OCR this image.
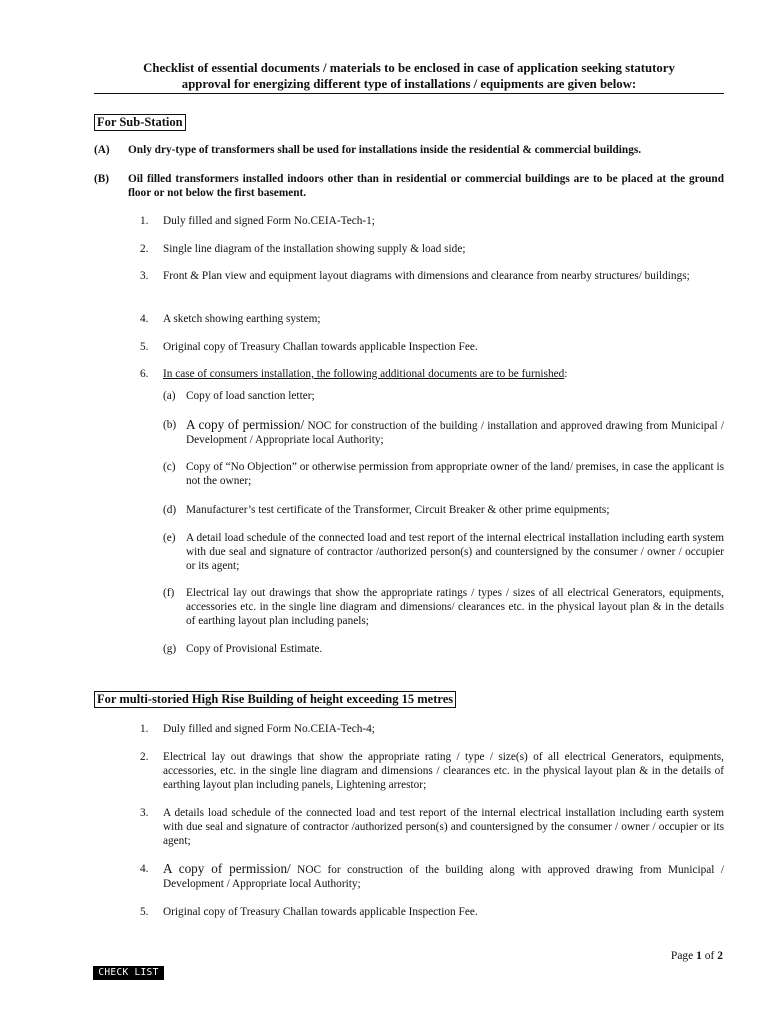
Checklist of essential documents / materials to be enclosed in case of application seeking statutory
approval for energizing different type of installations / equipments are given below:
For Sub-Station
(A) Only dry-type of transformers shall be used for installations inside the residential & commercial buildings.
(B) Oil filled transformers installed indoors other than in residential or commercial buildings are to be placed at the ground floor or not below the first basement.
1. Duly filled and signed Form No.CEIA-Tech-1;
2. Single line diagram of the installation showing supply & load side;
3. Front & Plan view and equipment layout diagrams with dimensions and clearance from nearby structures/ buildings;
4. A sketch showing earthing system;
5. Original copy of Treasury Challan towards applicable Inspection Fee.
6. In case of consumers installation, the following additional documents are to be furnished:
(a) Copy of load sanction letter;
(b) A copy of permission/ NOC for construction of the building / installation and approved drawing from Municipal / Development / Appropriate local Authority;
(c) Copy of “No Objection” or otherwise permission from appropriate owner of the land/ premises, in case the applicant is not the owner;
(d) Manufacturer’s test certificate of the Transformer, Circuit Breaker & other prime equipments;
(e) A detail load schedule of the connected load and test report of the internal electrical installation including earth system with due seal and signature of contractor /authorized person(s) and countersigned by the consumer / owner / occupier or its agent;
(f) Electrical lay out drawings that show the appropriate ratings / types / sizes of all electrical Generators, equipments, accessories etc. in the single line diagram and dimensions/ clearances etc. in the physical layout plan & in the details of earthing layout plan including panels;
(g) Copy of Provisional Estimate.
For multi-storied High Rise Building of height exceeding 15 metres
1. Duly filled and signed Form No.CEIA-Tech-4;
2. Electrical lay out drawings that show the appropriate rating / type / size(s) of all electrical Generators, equipments, accessories, etc. in the single line diagram and dimensions / clearances etc. in the physical layout plan & in the details of earthing layout plan including panels, Lightening arrestor;
3. A details load schedule of the connected load and test report of the internal electrical installation including earth system with due seal and signature of contractor /authorized person(s) and countersigned by the consumer / owner / occupier or its agent;
4. A copy of permission/ NOC for construction of the building along with approved drawing from Municipal / Development / Appropriate local Authority;
5. Original copy of Treasury Challan towards applicable Inspection Fee.
Page 1 of 2
CHECK LIST
